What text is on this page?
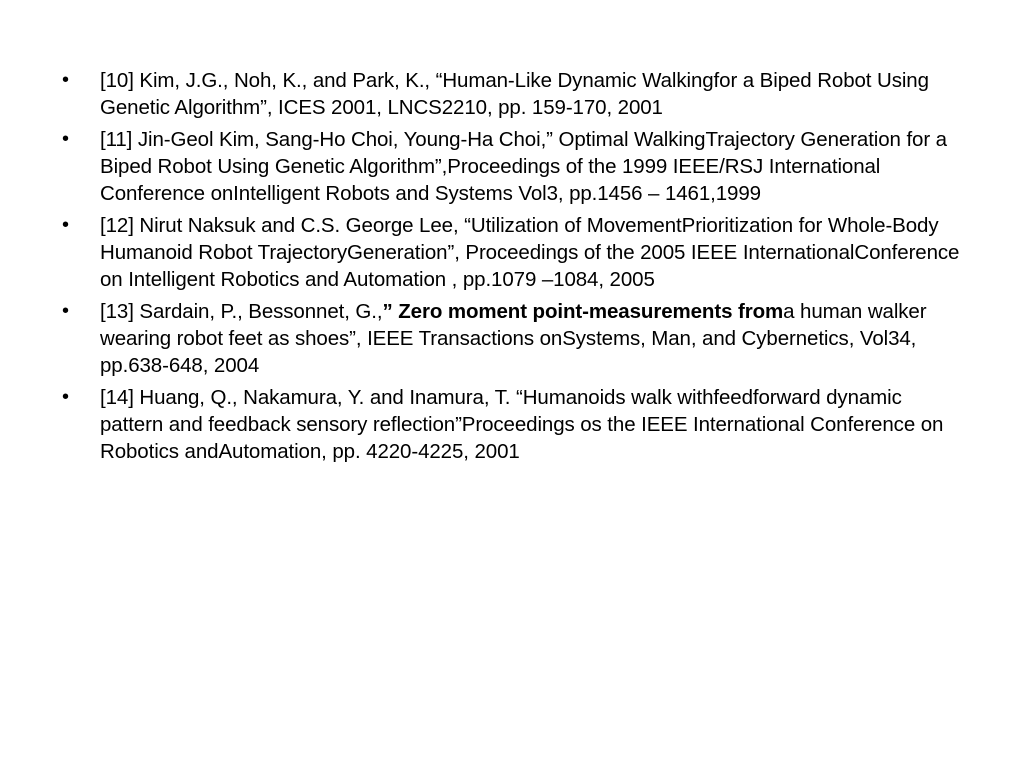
• [10] Kim, J.G., Noh, K., and Park, K., “Human-Like Dynamic Walkingfor a Biped Robot Using Genetic Algorithm”, ICES 2001, LNCS2210, pp. 159-170, 2001
• [11] Jin-Geol Kim, Sang-Ho Choi, Young-Ha Choi,” Optimal WalkingTrajectory Generation for a Biped Robot Using Genetic Algorithm”,Proceedings of the 1999 IEEE/RSJ International Conference onIntelligent Robots and Systems Vol3, pp.1456 – 1461,1999
• [12] Nirut Naksuk and C.S. George Lee, “Utilization of MovementPrioritization for Whole-Body Humanoid Robot TrajectoryGeneration”, Proceedings of the 2005 IEEE InternationalConference on Intelligent Robotics and Automation , pp.1079 –1084, 2005
• [13] Sardain, P., Bessonnet, G.,” Zero moment point-measurements froma human walker wearing robot feet as shoes”, IEEE Transactions onSystems, Man, and Cybernetics, Vol34, pp.638-648, 2004
• [14] Huang, Q., Nakamura, Y. and Inamura, T. “Humanoids walk withfeedforward dynamic pattern and feedback sensory reflection”Proceedings os the IEEE International Conference on Robotics andAutomation, pp. 4220-4225, 2001
